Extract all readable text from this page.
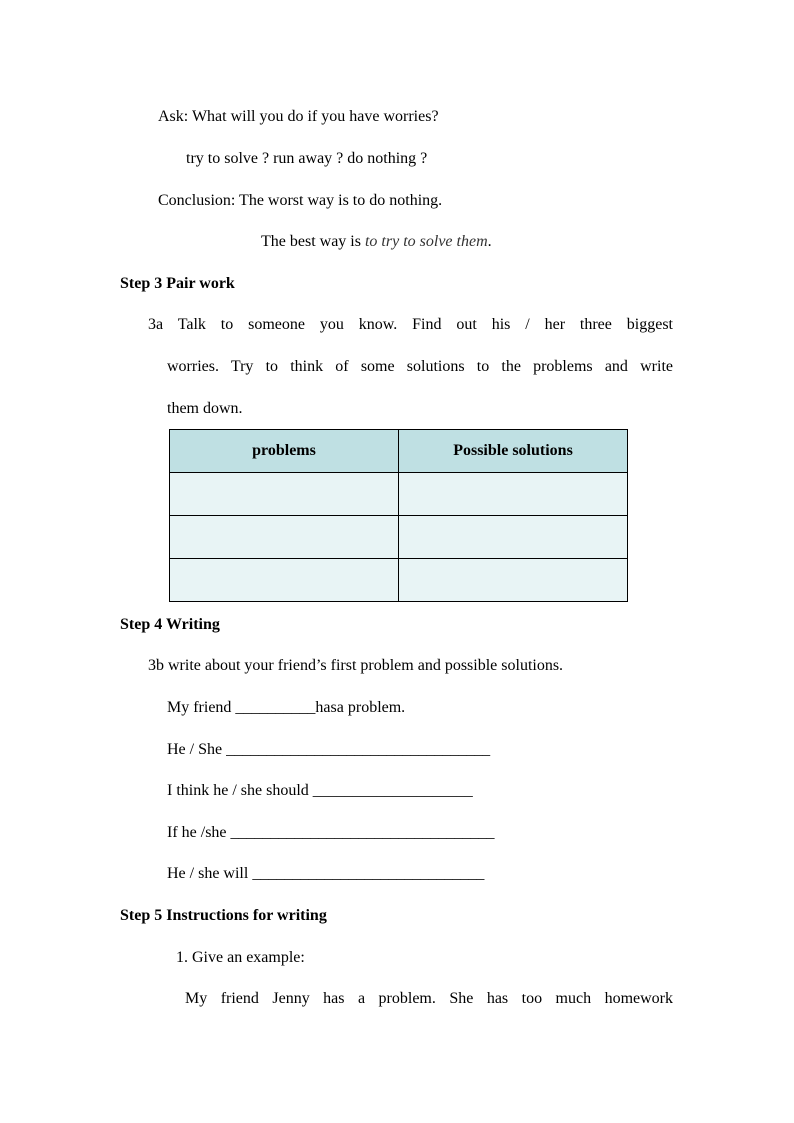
Ask: What will you do if you have worries?
try to solve ? run away ? do nothing ?
Conclusion: The worst way is to do nothing.
The best way is to try to solve them.
Step 3 Pair work
3a Talk to someone you know. Find out his / her three biggest
worries. Try to think of some solutions to the problems and write
them down.
problems	Possible solutions

Step 4 Writing
3b write about your friend’s first problem and possible solutions.
My friend __________hasa problem.
He / She _________________________________
I think he / she should ____________________
If he /she _________________________________
He / she will _____________________________
Step 5 Instructions for writing
1. Give an example:
My friend Jenny has a problem. She has too much homework
